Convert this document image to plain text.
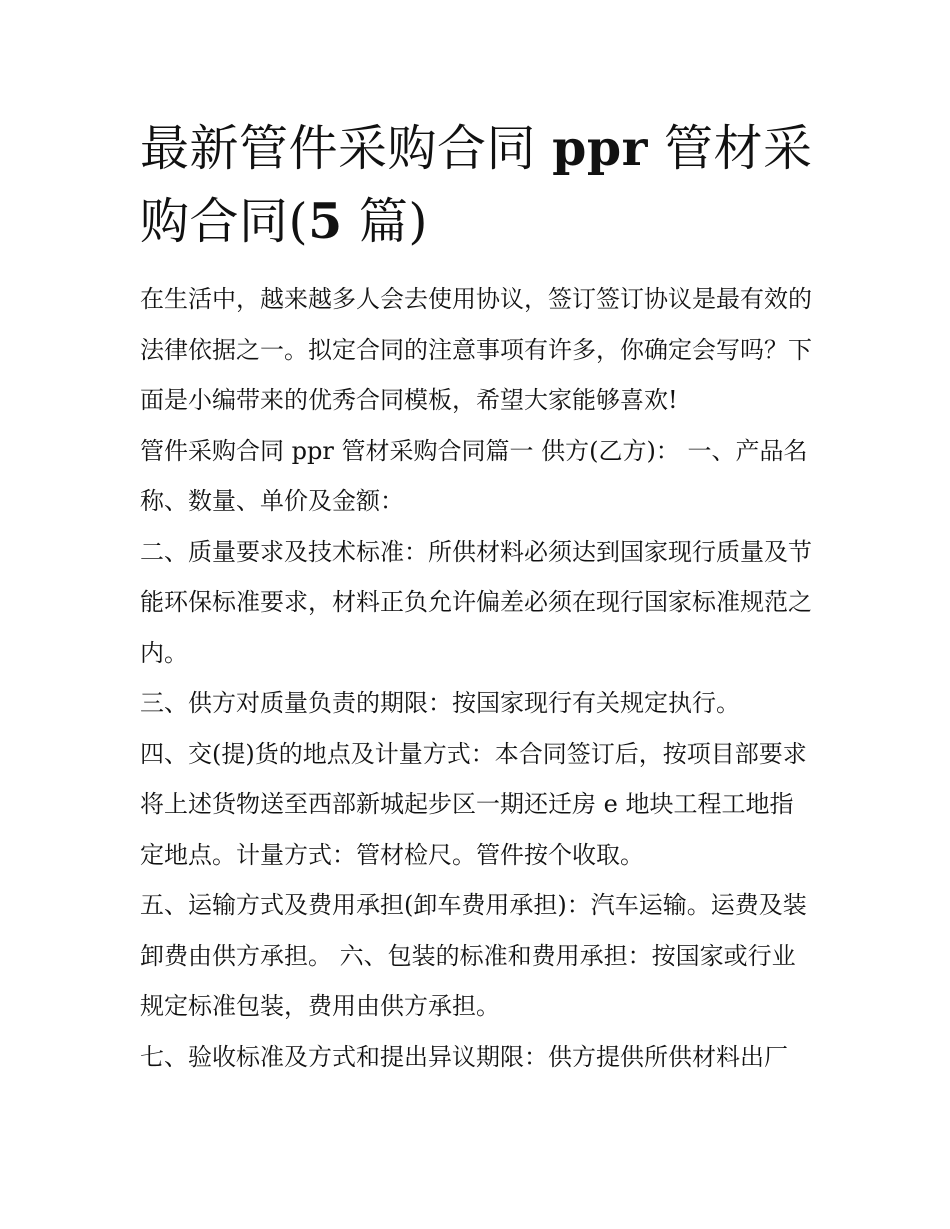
最新管件采购合同 ppr 管材采购合同(5 篇)

在生活中，越来越多人会去使用协议，签订签订协议是最有效的法律依据之一。拟定合同的注意事项有许多，你确定会写吗？下面是小编带来的优秀合同模板，希望大家能够喜欢!

管件采购合同 ppr 管材采购合同篇一 供方(乙方)： 一、产品名称、数量、单价及金额：

二、质量要求及技术标准：所供材料必须达到国家现行质量及节能环保标准要求，材料正负允许偏差必须在现行国家标准规范之内。

三、供方对质量负责的期限：按国家现行有关规定执行。

四、交(提)货的地点及计量方式：本合同签订后，按项目部要求将上述货物送至西部新城起步区一期还迁房 e 地块工程工地指定地点。计量方式：管材检尺。管件按个收取。

五、运输方式及费用承担(卸车费用承担)：汽车运输。运费及装卸费由供方承担。 六、包装的标准和费用承担：按国家或行业规定标准包装，费用由供方承担。

七、验收标准及方式和提出异议期限：供方提供所供材料出厂
